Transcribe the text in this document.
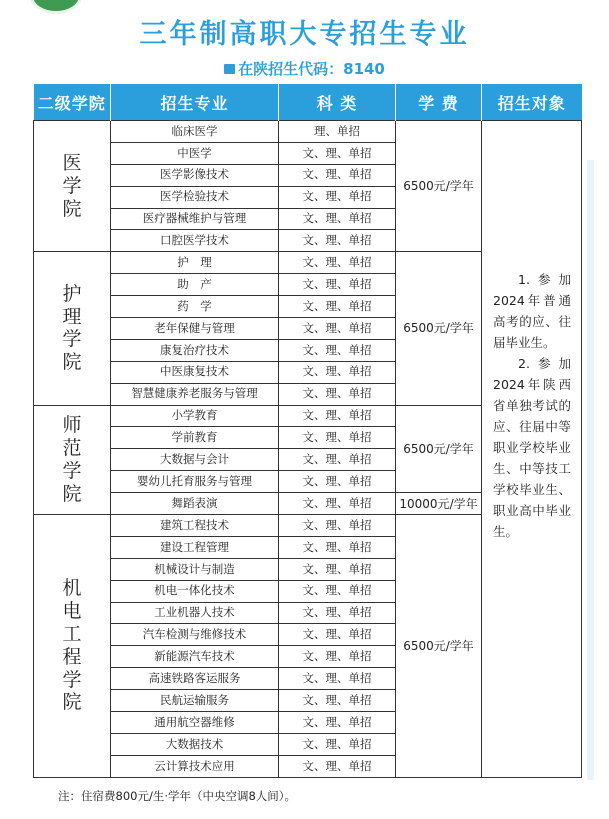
三年制高职大专招生专业
在陕招生代码：8140
二级学院	招生专业	科 类	学 费	招生对象
医学院	临床医学	理、单招	6500元/学年	1.参加2024年普通高考的应、往届毕业生。
2.参加2024年陕西省单独考试的应、往届中等职业学校毕业生、中等技工学校毕业生、职业高中毕业生。

	中医学	文、理、单招		
	医学影像技术	文、理、单招		
	医学检验技术	文、理、单招		
	医疗器械维护与管理	文、理、单招		
	口腔医学技术	文、理、单招		
护理学院	护　理	文、理、单招	6500元/学年	
	助　产	文、理、单招		
	药　学	文、理、单招		
	老年保健与管理	文、理、单招		
	康复治疗技术	文、理、单招		
	中医康复技术	文、理、单招		
	智慧健康养老服务与管理	文、理、单招		
师范学院	小学教育	文、理、单招	6500元/学年	
	学前教育	文、理、单招		
	大数据与会计	文、理、单招		
	婴幼儿托育服务与管理	文、理、单招		
	舞蹈表演	文、理、单招	10000元/学年	
机电工程学院	建筑工程技术	文、理、单招	6500元/学年	
	建设工程管理	文、理、单招		
	机械设计与制造	文、理、单招		
	机电一体化技术	文、理、单招		
	工业机器人技术	文、理、单招		
	汽车检测与维修技术	文、理、单招		
	新能源汽车技术	文、理、单招		
	高速铁路客运服务	文、理、单招		
	民航运输服务	文、理、单招		
	通用航空器维修	文、理、单招		
	大数据技术	文、理、单招		
	云计算技术应用	文、理、单招		
注：住宿费800元/生·学年（中央空调8人间）。
